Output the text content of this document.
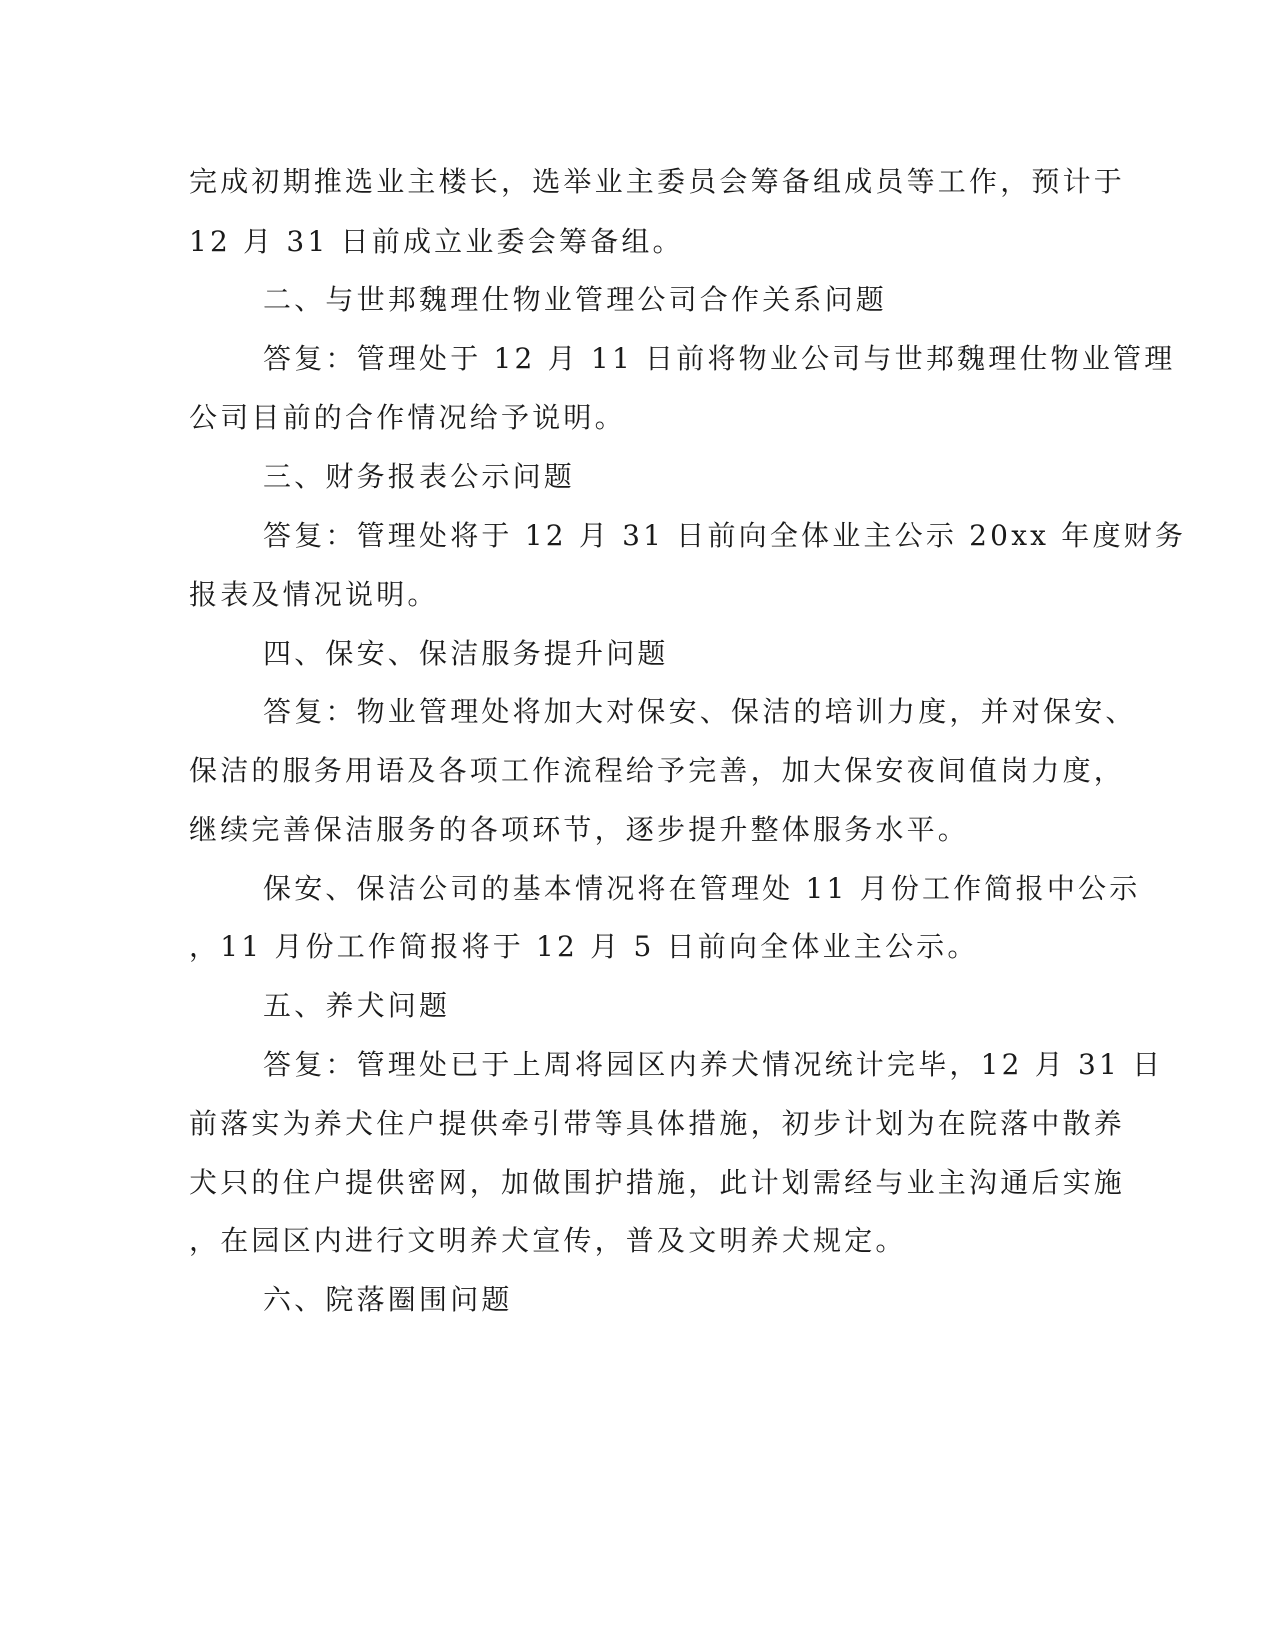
完成初期推选业主楼长，选举业主委员会筹备组成员等工作，预计于
12 月 31 日前成立业委会筹备组。
二、与世邦魏理仕物业管理公司合作关系问题
答复：管理处于 12 月 11 日前将物业公司与世邦魏理仕物业管理
公司目前的合作情况给予说明。
三、财务报表公示问题
答复：管理处将于 12 月 31 日前向全体业主公示 20xx 年度财务
报表及情况说明。
四、保安、保洁服务提升问题
答复：物业管理处将加大对保安、保洁的培训力度，并对保安、
保洁的服务用语及各项工作流程给予完善，加大保安夜间值岗力度，
继续完善保洁服务的各项环节，逐步提升整体服务水平。
保安、保洁公司的基本情况将在管理处 11 月份工作简报中公示
，11 月份工作简报将于 12 月 5 日前向全体业主公示。
五、养犬问题
答复：管理处已于上周将园区内养犬情况统计完毕，12 月 31 日
前落实为养犬住户提供牵引带等具体措施，初步计划为在院落中散养
犬只的住户提供密网，加做围护措施，此计划需经与业主沟通后实施
，在园区内进行文明养犬宣传，普及文明养犬规定。
六、院落圈围问题
